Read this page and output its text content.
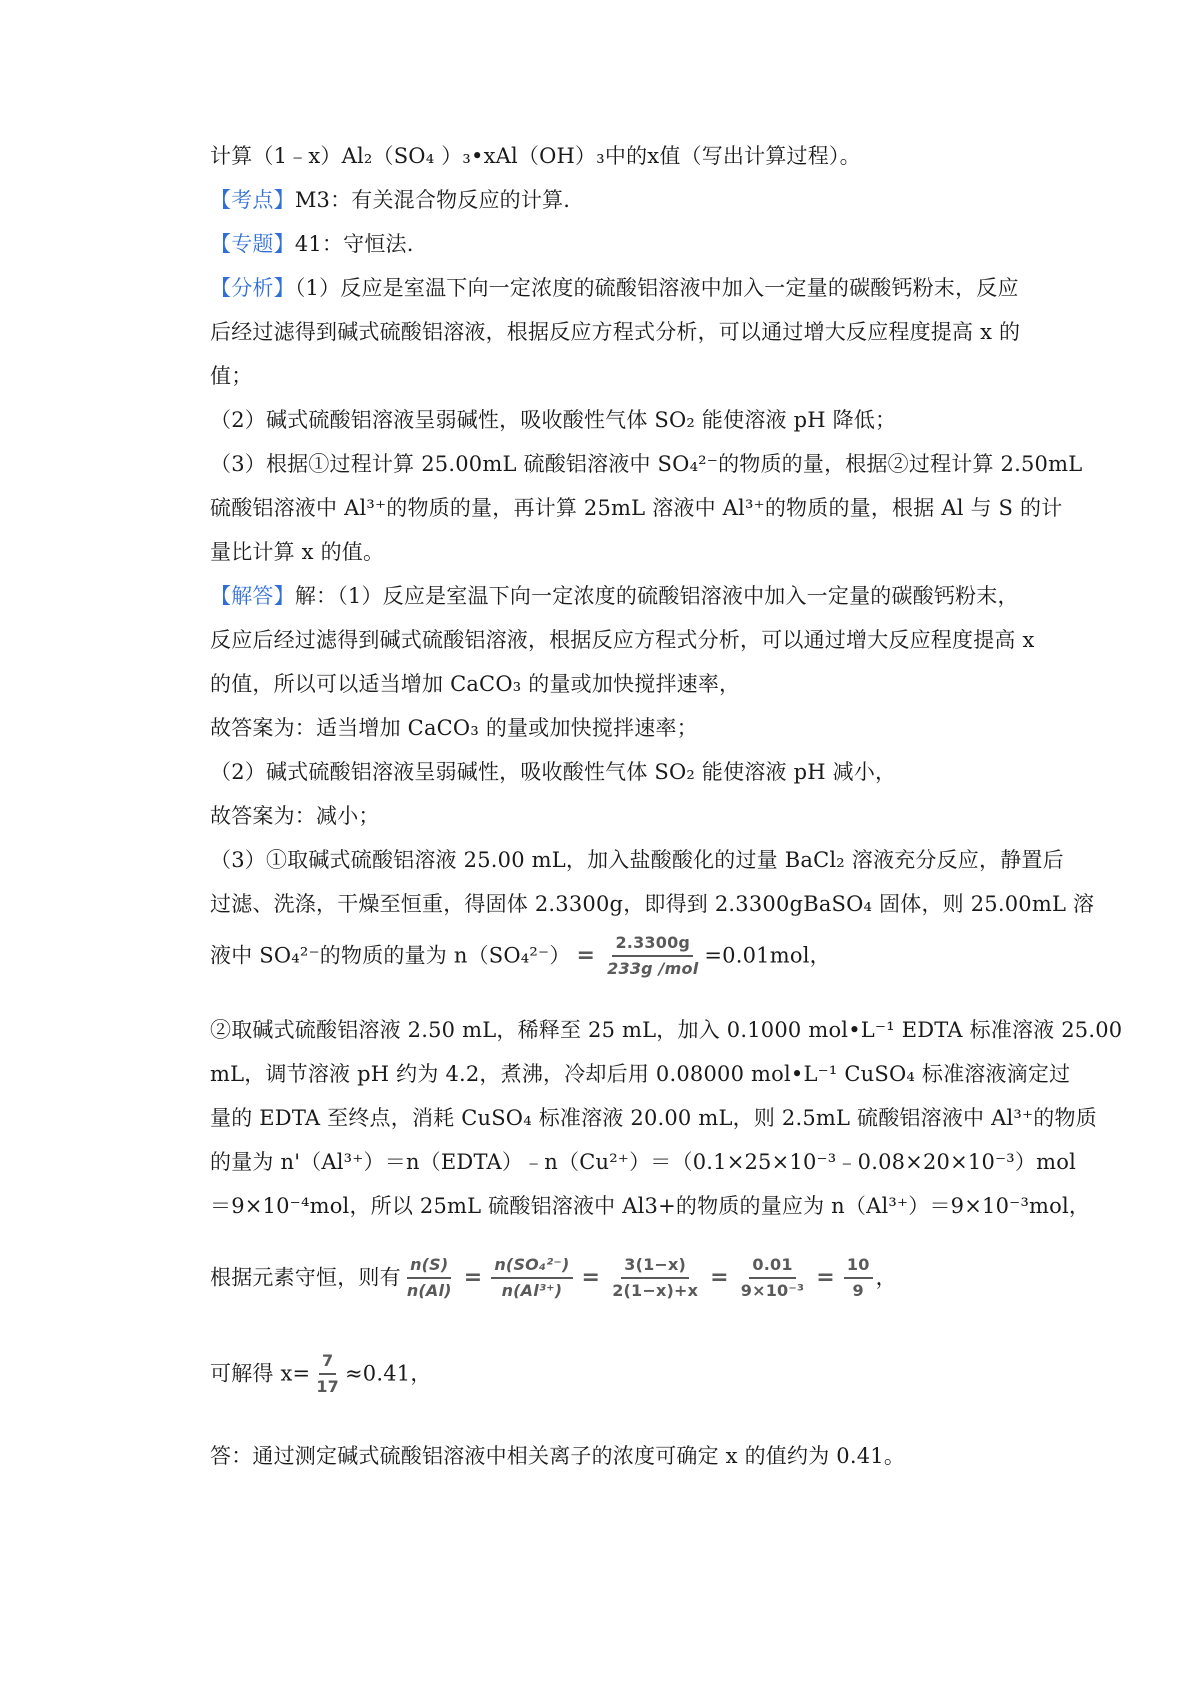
计算（1﹣x）Al₂（SO₄ ）₃•xAl（OH）₃中的x值（写出计算过程）。
【考点】M3：有关混合物反应的计算.
【专题】41：守恒法.
【分析】（1）反应是室温下向一定浓度的硫酸铝溶液中加入一定量的碳酸钙粉末，反应
后经过滤得到碱式硫酸铝溶液，根据反应方程式分析，可以通过增大反应程度提高 x 的
值；
（2）碱式硫酸铝溶液呈弱碱性，吸收酸性气体 SO₂ 能使溶液 pH 降低；
（3）根据①过程计算 25.00mL 硫酸铝溶液中 SO₄²⁻的物质的量，根据②过程计算 2.50mL
硫酸铝溶液中 Al³⁺的物质的量，再计算 25mL 溶液中 Al³⁺的物质的量，根据 Al 与 S 的计
量比计算 x 的值。
【解答】解：（1）反应是室温下向一定浓度的硫酸铝溶液中加入一定量的碳酸钙粉末，
反应后经过滤得到碱式硫酸铝溶液，根据反应方程式分析，可以通过增大反应程度提高 x
的值，所以可以适当增加 CaCO₃ 的量或加快搅拌速率，
故答案为：适当增加 CaCO₃ 的量或加快搅拌速率；
（2）碱式硫酸铝溶液呈弱碱性，吸收酸性气体 SO₂ 能使溶液 pH 减小，
故答案为：减小；
（3）①取碱式硫酸铝溶液 25.00 mL，加入盐酸酸化的过量 BaCl₂ 溶液充分反应，静置后
过滤、洗涤，干燥至恒重，得固体 2.3300g，即得到 2.3300gBaSO₄ 固体，则 25.00mL 溶
液中 SO₄²⁻的物质的量为 $n(SO_4^{2-}) = \frac{2.3300g}{\text{233g /mol}} =0.01mol$，
②取碱式硫酸铝溶液 2.50 mL，稀释至 25 mL，加入 0.1000 mol•L⁻¹ EDTA 标准溶液 25.00
mL，调节溶液 pH 约为 4.2，煮沸，冷却后用 0.08000 mol•L⁻¹ CuSO₄ 标准溶液滴定过
量的 EDTA 至终点，消耗 CuSO₄ 标准溶液 20.00 mL，则 2.5mL 硫酸铝溶液中 Al³⁺的物质
的量为 n'（Al³⁺）＝n（EDTA）﹣n（Cu²⁺）＝（0.1×25×10⁻³﹣0.08×20×10⁻³）mol
＝9×10⁻⁴mol，所以 25mL 硫酸铝溶液中 Al3+的物质的量应为 n（Al³⁺）＝9×10⁻³mol，
根据元素守恒，则有 $\frac{n(S)}{n(Al)} = \frac{\text{n(SO₄²⁻)}}{\text{n(Al³⁺)}} = \frac{3(1-x)}{2(1-x)+x} = \frac{0.01}{\text{9×10⁻³}} = \frac{10}{9}$ ，
可解得 $x= \frac{7}{17} \approx 0.41$，
答：通过测定碱式硫酸铝溶液中相关离子的浓度可确定 x 的值约为 0.41。
